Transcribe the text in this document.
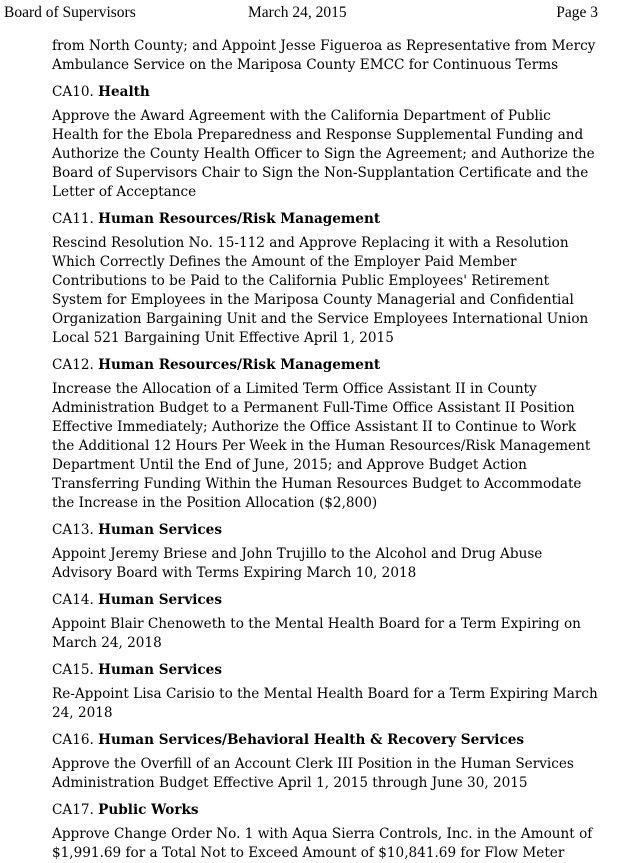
Board of Supervisors	March 24, 2015	Page 3

from North County; and Appoint Jesse Figueroa as Representative from Mercy Ambulance Service on the Mariposa County EMCC for Continuous Terms

CA10. Health

Approve the Award Agreement with the California Department of Public Health for the Ebola Preparedness and Response Supplemental Funding and Authorize the County Health Officer to Sign the Agreement; and Authorize the Board of Supervisors Chair to Sign the Non-Supplantation Certificate and the Letter of Acceptance

CA11. Human Resources/Risk Management

Rescind Resolution No. 15-112 and Approve Replacing it with a Resolution Which Correctly Defines the Amount of the Employer Paid Member Contributions to be Paid to the California Public Employees' Retirement System for Employees in the Mariposa County Managerial and Confidential Organization Bargaining Unit and the Service Employees International Union Local 521 Bargaining Unit Effective April 1, 2015

CA12. Human Resources/Risk Management

Increase the Allocation of a Limited Term Office Assistant II in County Administration Budget to a Permanent Full-Time Office Assistant II Position Effective Immediately; Authorize the Office Assistant II to Continue to Work the Additional 12 Hours Per Week in the Human Resources/Risk Management Department Until the End of June, 2015; and Approve Budget Action Transferring Funding Within the Human Resources Budget to Accommodate the Increase in the Position Allocation ($2,800)

CA13. Human Services

Appoint Jeremy Briese and John Trujillo to the Alcohol and Drug Abuse Advisory Board with Terms Expiring March 10, 2018

CA14. Human Services

Appoint Blair Chenoweth to the Mental Health Board for a Term Expiring on March 24, 2018

CA15. Human Services

Re-Appoint Lisa Carisio to the Mental Health Board for a Term Expiring March 24, 2018

CA16. Human Services/Behavioral Health & Recovery Services

Approve the Overfill of an Account Clerk III Position in the Human Services Administration Budget Effective April 1, 2015 through June 30, 2015

CA17. Public Works

Approve Change Order No. 1 with Aqua Sierra Controls, Inc. in the Amount of $1,991.69 for a Total Not to Exceed Amount of $10,841.69 for Flow Meter
